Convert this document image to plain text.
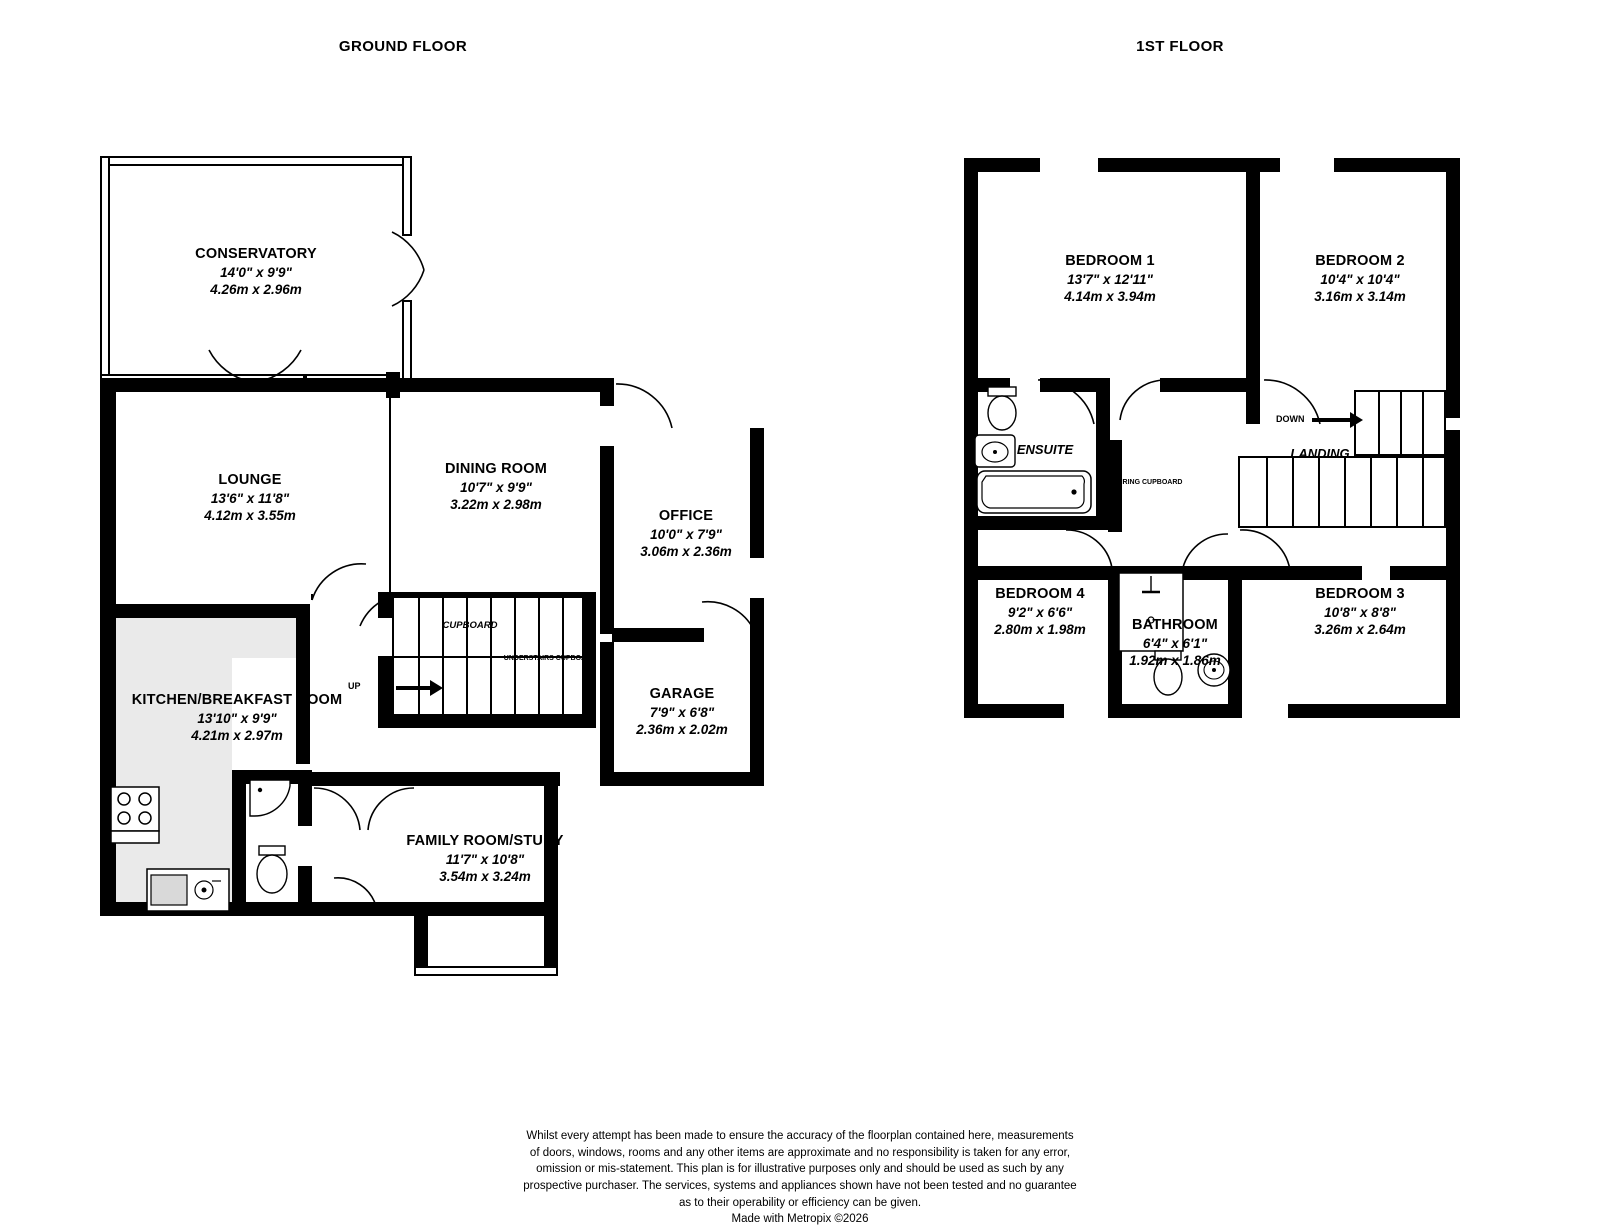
GROUND FLOOR	1ST FLOOR
UP
CONSERVATORY
14'0" x 9'9"
4.26m x 2.96m
LOUNGE
13'6" x 11'8"
4.12m x 3.55m
DINING ROOM
10'7" x 9'9"
3.22m x 2.98m
OFFICE
10'0" x 7'9"
3.06m x 2.36m
KITCHEN/BREAKFAST ROOM
13'10" x 9'9"
4.21m x 2.97m
GARAGE
7'9" x 6'8"
2.36m x 2.02m
FAMILY ROOM/STUDY
11'7" x 10'8"
3.54m x 3.24m
CUPBOARD
UNDERSTAIRS CUPBOARD
ENTRANCE HALL
DOWN
BEDROOM 1
13'7" x 12'11"
4.14m x 3.94m
BEDROOM 2
10'4" x 10'4"
3.16m x 3.14m
BEDROOM 4
9'2" x 6'6"
2.80m x 1.98m
BEDROOM 3
10'8" x 8'8"
3.26m x 2.64m
BATHROOM
6'4" x 6'1"
1.92m x 1.86m
ENSUITE	LANDING
AIRING CUPBOARD
Whilst every attempt has been made to ensure the accuracy of the floorplan contained here, measurements
of doors, windows, rooms and any other items are approximate and no responsibility is taken for any error,
omission or mis-statement. This plan is for illustrative purposes only and should be used as such by any
prospective purchaser. The services, systems and appliances shown have not been tested and no guarantee
as to their operability or efficiency can be given.
Made with Metropix ©2026
